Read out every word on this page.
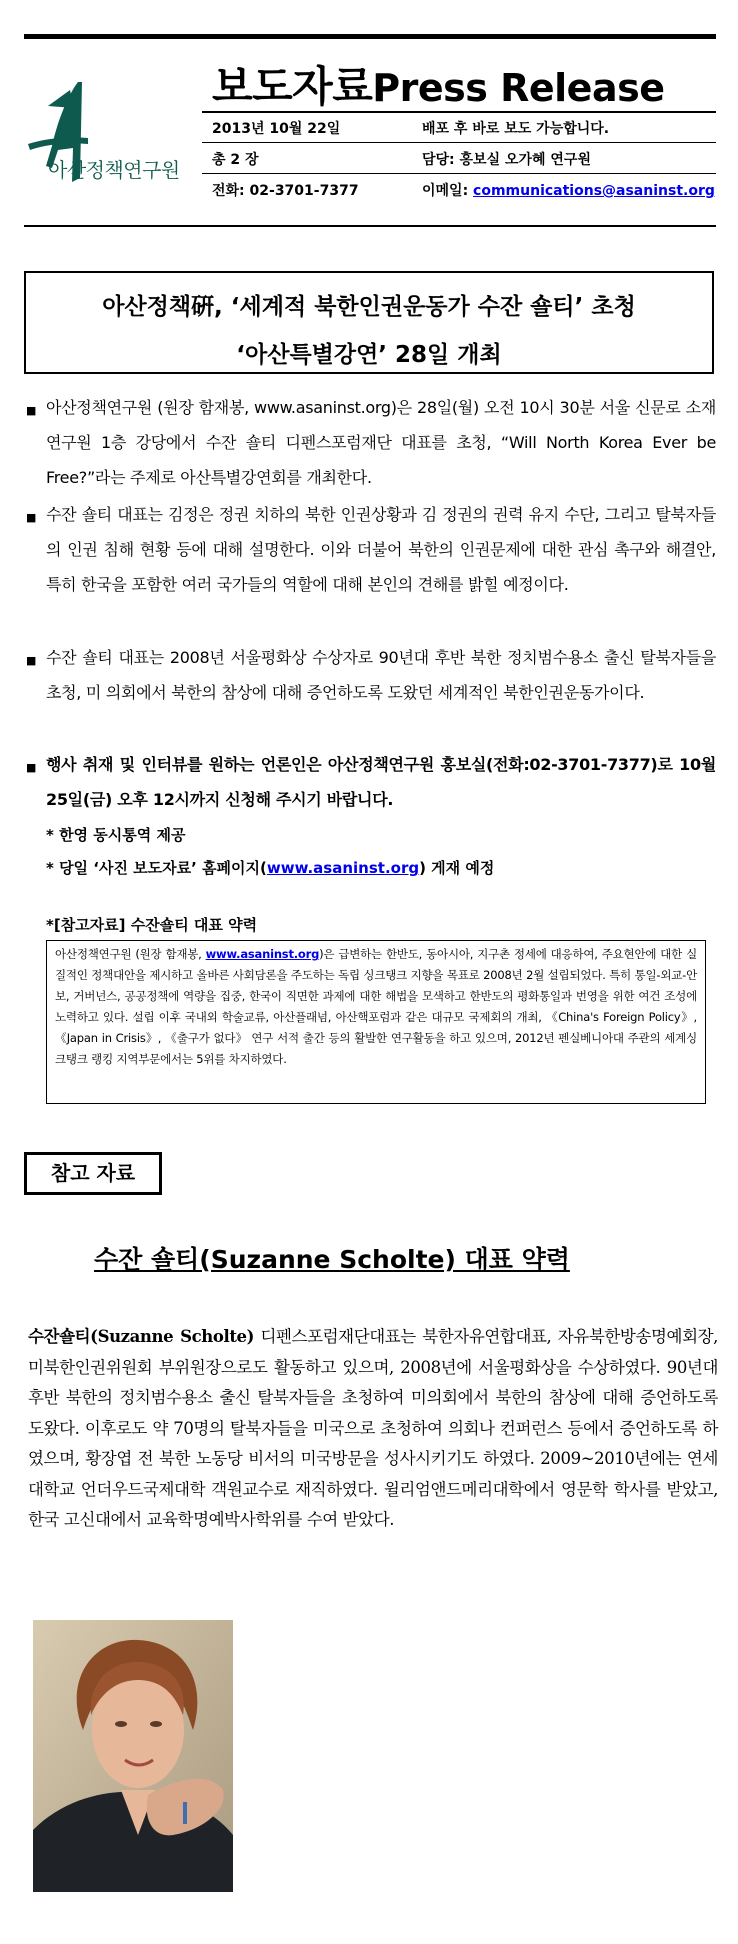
아산정책연구원
보도자료Press Release
2013년 10월 22일	배포 후 바로 보도 가능합니다.
총 2 장	담당: 홍보실 오가혜 연구원
전화: 02-3701-7377	이메일: communications@asaninst.org
아산정책硏, ‘세계적 북한인권운동가 수잔 숄티’ 초청
‘아산특별강연’ 28일 개최
■ 아산정책연구원 (원장 함재봉, www.asaninst.org)은 28일(월) 오전 10시 30분 서울 신문로 소재 연구원 1층 강당에서 수잔 숄티 디펜스포럼재단 대표를 초청, “Will North Korea Ever be Free?”라는 주제로 아산특별강연회를 개최한다.
■ 수잔 숄티 대표는 김정은 정권 치하의 북한 인권상황과 김 정권의 권력 유지 수단, 그리고 탈북자들의 인권 침해 현황 등에 대해 설명한다. 이와 더불어 북한의 인권문제에 대한 관심 촉구와 해결안, 특히 한국을 포함한 여러 국가들의 역할에 대해 본인의 견해를 밝힐 예정이다.
■ 수잔 숄티 대표는 2008년 서울평화상 수상자로 90년대 후반 북한 정치범수용소 출신 탈북자들을 초청, 미 의회에서 북한의 참상에 대해 증언하도록 도왔던 세계적인 북한인권운동가이다.
■ 행사 취재 및 인터뷰를 원하는 언론인은 아산정책연구원 홍보실(전화:02-3701-7377)로 10월 25일(금) 오후 12시까지 신청해 주시기 바랍니다.
* 한영 동시통역 제공
* 당일 ‘사진 보도자료’ 홈페이지(www.asaninst.org) 게재 예정
*[참고자료] 수잔숄티 대표 약력
아산정책연구원 (원장 함재봉, www.asaninst.org)은 급변하는 한반도, 동아시아, 지구촌 정세에 대응하여, 주요현안에 대한 실질적인 정책대안을 제시하고 올바른 사회담론을 주도하는 독립 싱크탱크 지향을 목표로 2008년 2월 설립되었다. 특히 통일-외교-안보, 거버넌스, 공공정책에 역량을 집중, 한국이 직면한 과제에 대한 해법을 모색하고 한반도의 평화통일과 번영을 위한 여건 조성에 노력하고 있다. 설립 이후 국내외 학술교류, 아산플래넘, 아산핵포럼과 같은 대규모 국제회의 개최, 《China's Foreign Policy》, 《Japan in Crisis》, 《출구가 없다》 연구 서적 출간 등의 활발한 연구활동을 하고 있으며, 2012년 펜실베니아대 주관의 세계싱크탱크 랭킹 지역부문에서는 5위를 차지하였다.
참고 자료
수잔 숄티(Suzanne Scholte) 대표 약력
수잔숄티(Suzanne Scholte) 디펜스포럼재단대표는 북한자유연합대표, 자유북한방송명예회장, 미북한인권위원회 부위원장으로도 활동하고 있으며, 2008년에 서울평화상을 수상하였다. 90년대 후반 북한의 정치범수용소 출신 탈북자들을 초청하여 미의회에서 북한의 참상에 대해 증언하도록 도왔다. 이후로도 약 70명의 탈북자들을 미국으로 초청하여 의회나 컨퍼런스 등에서 증언하도록 하였으며, 황장엽 전 북한 노동당 비서의 미국방문을 성사시키기도 하였다. 2009~2010년에는 연세대학교 언더우드국제대학 객원교수로 재직하였다. 윌리엄앤드메리대학에서 영문학 학사를 받았고, 한국 고신대에서 교육학명예박사학위를 수여 받았다.
